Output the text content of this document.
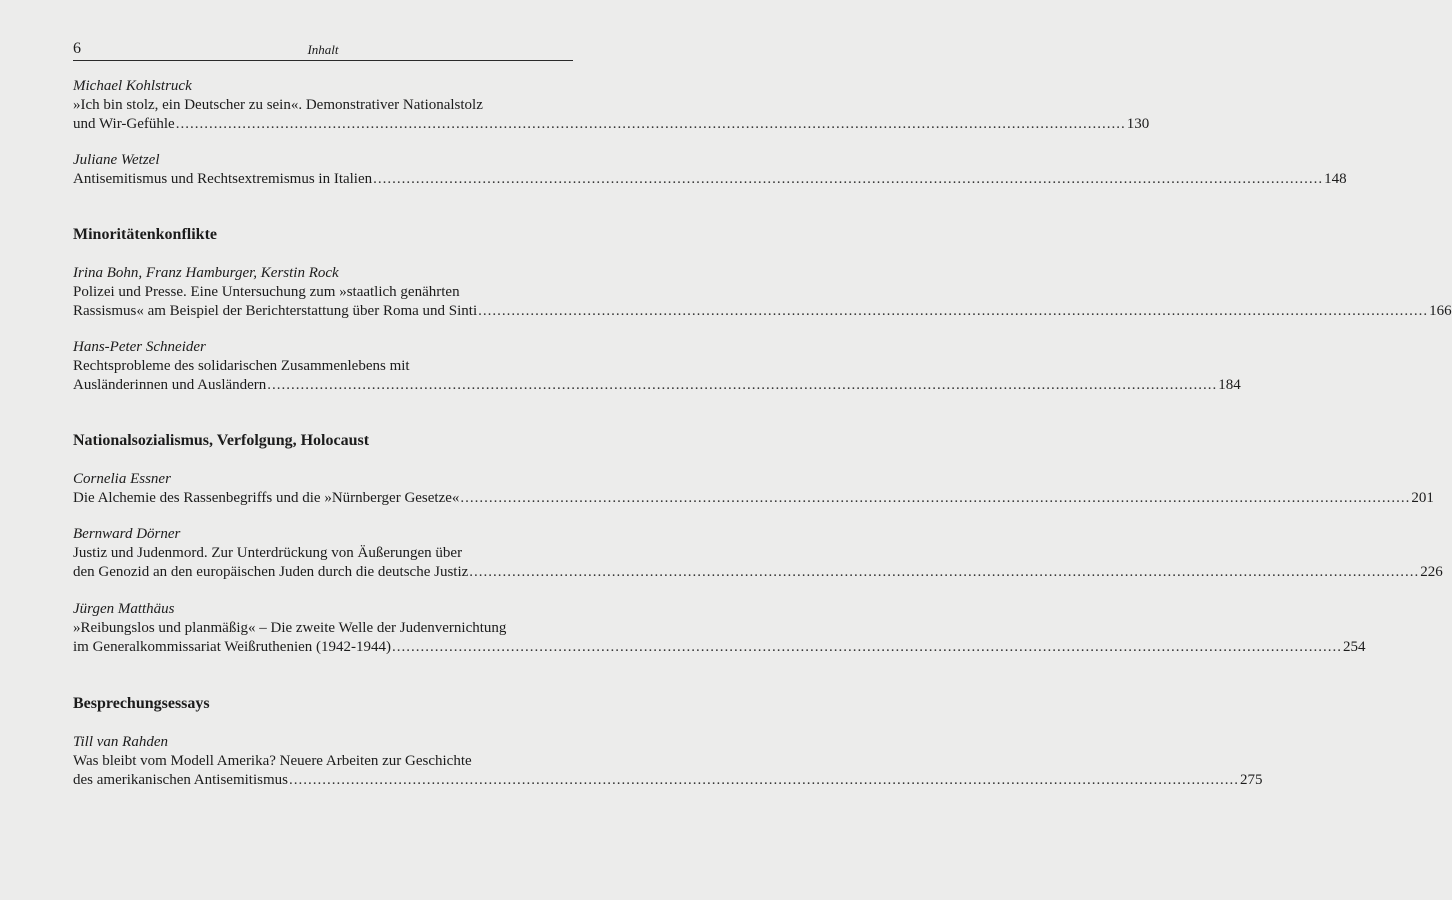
6	Inhalt
Michael Kohlstruck
»Ich bin stolz, ein Deutscher zu sein«. Demonstrativer Nationalstolz
und Wir-Gefühle ........................................................................................................................................................................................................ 130
Juliane Wetzel
Antisemitismus und Rechtsextremismus in Italien ........................................................................................................................................................................................................ 148
Minoritätenkonflikte
Irina Bohn, Franz Hamburger, Kerstin Rock
Polizei und Presse. Eine Untersuchung zum »staatlich genährten
Rassismus« am Beispiel der Berichterstattung über Roma und Sinti ........................................................................................................................................................................................................ 166
Hans-Peter Schneider
Rechtsprobleme des solidarischen Zusammenlebens mit
Ausländerinnen und Ausländern ........................................................................................................................................................................................................ 184
Nationalsozialismus, Verfolgung, Holocaust
Cornelia Essner
Die Alchemie des Rassenbegriffs und die »Nürnberger Gesetze« ........................................................................................................................................................................................................ 201
Bernward Dörner
Justiz und Judenmord. Zur Unterdrückung von Äußerungen über
den Genozid an den europäischen Juden durch die deutsche Justiz ........................................................................................................................................................................................................ 226
Jürgen Matthäus
»Reibungslos und planmäßig« – Die zweite Welle der Judenvernichtung
im Generalkommissariat Weißruthenien (1942-1944) ........................................................................................................................................................................................................ 254
Besprechungsessays
Till van Rahden
Was bleibt vom Modell Amerika? Neuere Arbeiten zur Geschichte
des amerikanischen Antisemitismus ........................................................................................................................................................................................................ 275
